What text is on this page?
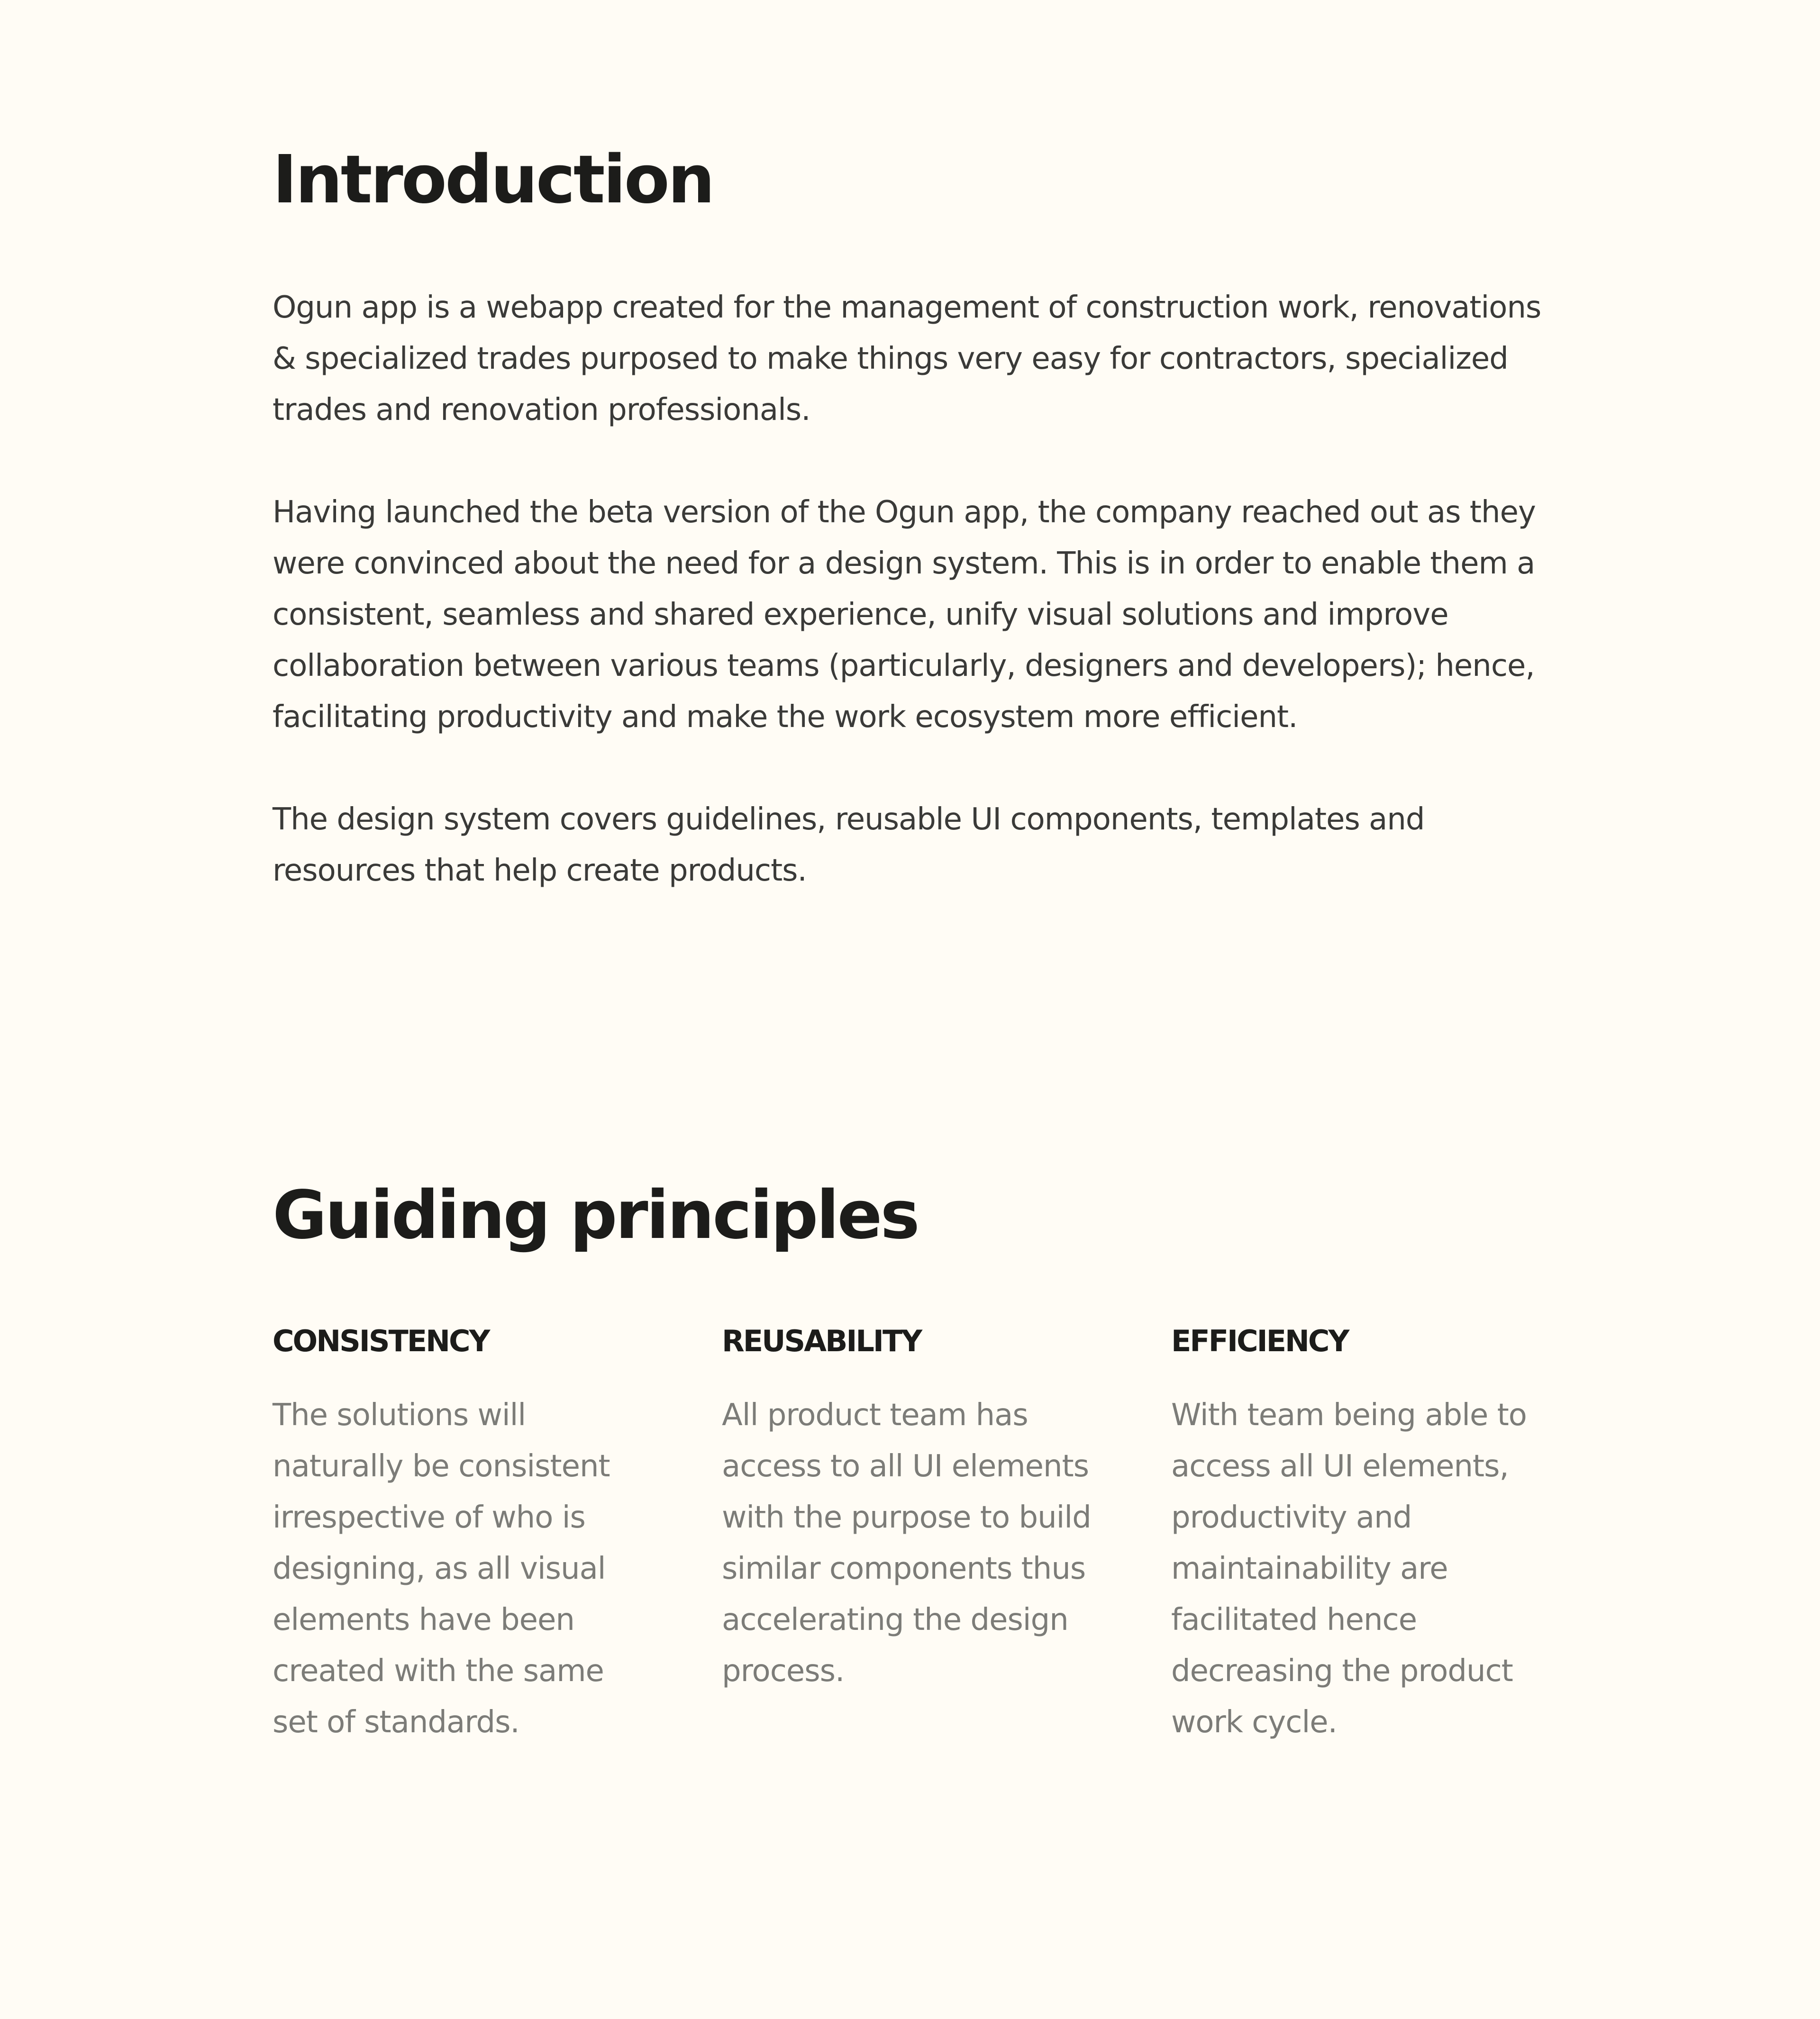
Introduction

Ogun app is a webapp created for the management of construction work, renovations & specialized trades purposed to make things very easy for contractors, specialized trades and renovation professionals.

Having launched the beta version of the Ogun app, the company reached out as they were convinced about the need for a design system. This is in order to enable them a consistent, seamless and shared experience, unify visual solutions and improve collaboration between various teams (particularly, designers and developers); hence, facilitating productivity and make the work ecosystem more efficient.

The design system covers guidelines, reusable UI components, templates and resources that help create products.

Guiding principles
CONSISTENCY

The solutions will naturally be consistent irrespective of who is designing, as all visual elements have been created with the same set of standards.

REUSABILITY

All product team has access to all UI elements with the purpose to build similar components thus accelerating the design process.

EFFICIENCY

With team being able to access all UI elements, productivity and maintainability are facilitated hence decreasing the product work cycle.
